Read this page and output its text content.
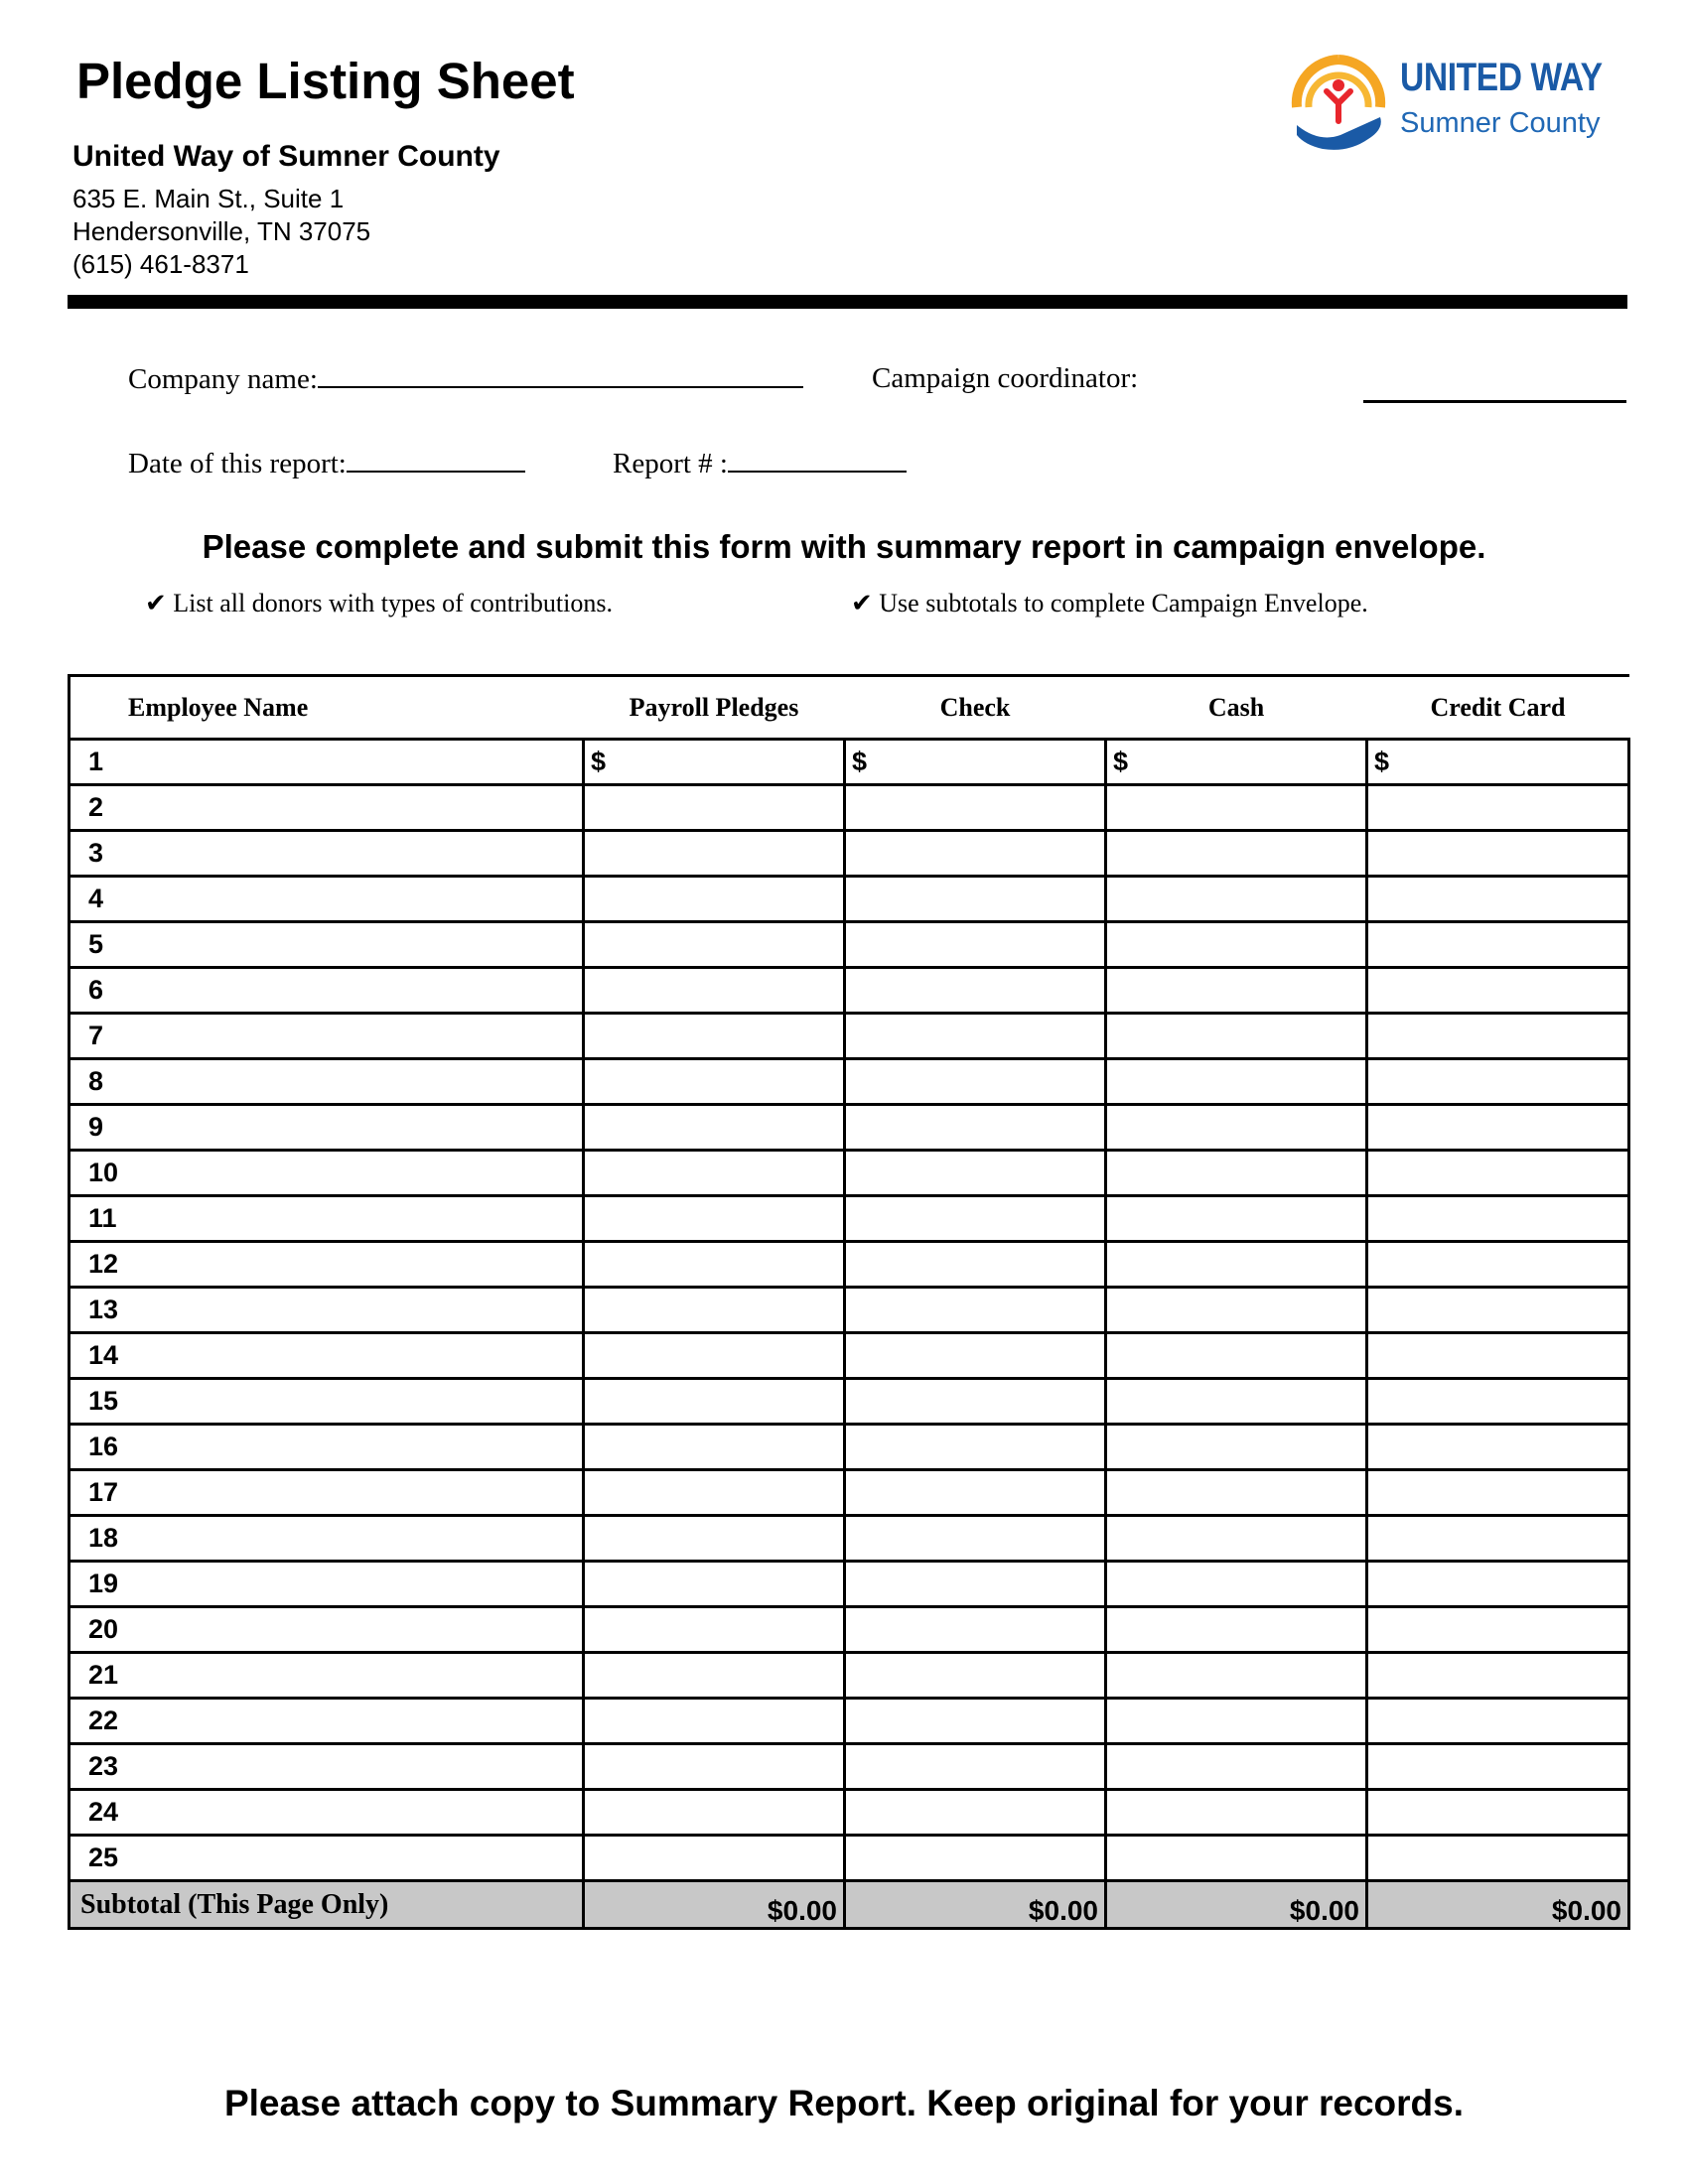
Pledge Listing Sheet
United Way of Sumner County
635 E. Main St., Suite 1
Hendersonville, TN 37075
(615) 461-8371
UNITED WAY
Sumner County
Company name:	Campaign coordinator:
Date of this report:	Report # :
Please complete and submit this form with summary report in campaign envelope.
✔ List all donors with types of contributions.	✔ Use subtotals to complete Campaign Envelope.
Employee Name	Payroll Pledges	Check	Cash	Credit Card
1	$	$	$	$
2				
3				
4				
5				
6				
7				
8				
9				
10				
11				
12				
13				
14				
15				
16				
17				
18				
19				
20				
21				
22				
23				
24				
25				
Subtotal (This Page Only)	$0.00	$0.00	$0.00	$0.00
Please attach copy to Summary Report. Keep original for your records.
